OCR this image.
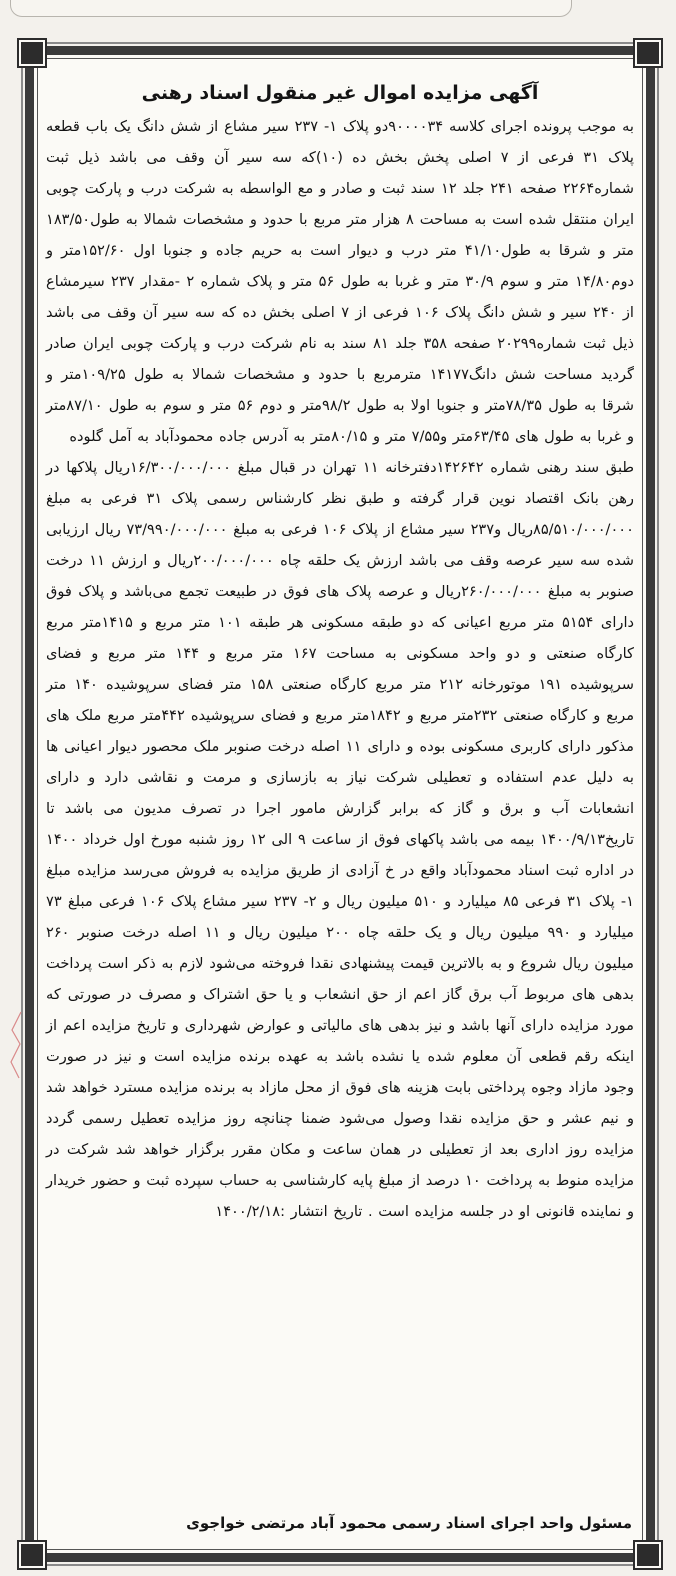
آگهی مزایده اموال غیر منقول اسناد رهنی
به موجب پرونده اجرای کلاسه ۹۰۰۰۰۳۴دو پلاک ۱- ۲۳۷ سیر مشاع از شش دانگ یک باب قطعه پلاک ۳۱ فرعی از ۷ اصلی پخش بخش ده (۱۰)که سه سیر آن وقف می باشد ذیل ثبت شماره۲۲۶۴ صفحه ۲۴۱ جلد ۱۲ سند ثبت و صادر و مع الواسطه به شرکت درب و پارکت چوبی ایران منتقل شده است به مساحت ۸ هزار متر مربع با حدود و مشخصات شمالا به طول۱۸۳/۵۰ متر و شرقا به طول۴۱/۱۰ متر درب و دیوار است به حریم جاده و جنوبا اول ۱۵۲/۶۰متر و دوم۱۴/۸۰ متر و سوم ۳۰/۹ متر و غربا به طول ۵۶ متر و پلاک شماره ۲ -مقدار ۲۳۷ سیرمشاع از ۲۴۰ سیر و شش دانگ پلاک ۱۰۶ فرعی از ۷ اصلی بخش ده که سه سیر آن وقف می باشد ذیل ثبت شماره۲۰۲۹۹ صفحه ۳۵۸ جلد ۸۱ سند به نام شرکت درب و پارکت چوبی ایران صادر گردید مساحت شش دانگ۱۴۱۷۷ مترمربع با حدود و مشخصات شمالا به طول ۱۰۹/۲۵متر و شرقا به طول ۷۸/۳۵متر و جنوبا اولا به طول ۹۸/۲متر و دوم ۵۶ متر و سوم به طول ۸۷/۱۰متر و غربا به طول های ۶۳/۴۵متر و۷/۵۵ متر و ۸۰/۱۵متر به آدرس جاده محمودآباد به آمل گلوده
طبق سند رهنی شماره ۱۴۲۶۴۲دفترخانه ۱۱ تهران در قبال مبلغ ۱۶/۳۰۰/۰۰۰/۰۰۰ریال پلاکها در رهن بانک اقتصاد نوین قرار گرفته و طبق نظر کارشناس رسمی پلاک ۳۱ فرعی به مبلغ ۸۵/۵۱۰/۰۰۰/۰۰۰ریال و۲۳۷ سیر مشاع از پلاک ۱۰۶ فرعی به مبلغ ۷۳/۹۹۰/۰۰۰/۰۰۰ ریال ارزیابی شده سه سیر عرصه وقف می باشد ارزش یک حلقه چاه ۲۰۰/۰۰۰/۰۰۰ریال و ارزش ۱۱ درخت صنوبر به مبلغ ۲۶۰/۰۰۰/۰۰۰ریال و عرصه پلاک های فوق در طبیعت تجمع می‌باشد و پلاک فوق دارای ۵۱۵۴ متر مربع اعیانی که دو طبقه مسکونی هر طبقه ۱۰۱ متر مربع و ۱۴۱۵متر مربع کارگاه صنعتی و دو واحد مسکونی به مساحت ۱۶۷ متر مربع و ۱۴۴ متر مربع و فضای سرپوشیده ۱۹۱ موتورخانه ۲۱۲ متر مربع کارگاه صنعتی ۱۵۸ متر فضای سرپوشیده ۱۴۰ متر مربع و کارگاه صنعتی ۲۳۲متر مربع و ۱۸۴۲متر مربع و فضای سرپوشیده ۴۴۲متر مربع ملک های مذکور دارای کاربری مسکونی بوده و دارای ۱۱ اصله درخت صنوبر ملک محصور دیوار اعیانی ها به دلیل عدم استفاده و تعطیلی شرکت نیاز به بازسازی و مرمت و نقاشی دارد و دارای انشعابات آب و برق و گاز که برابر گزارش مامور اجرا در تصرف مدیون می باشد تا تاریخ۱۴۰۰/۹/۱۳ بیمه می باشد پاکهای فوق از ساعت ۹ الی ۱۲ روز شنبه مورخ اول خرداد ۱۴۰۰ در اداره ثبت اسناد محمودآباد واقع در خ آزادی از طریق مزایده به فروش می‌رسد مزایده مبلغ ۱- پلاک ۳۱ فرعی ۸۵ میلیارد و ۵۱۰ میلیون ریال و ۲- ۲۳۷ سیر مشاع پلاک ۱۰۶ فرعی مبلغ ۷۳ میلیارد و ۹۹۰ میلیون ریال و یک حلقه چاه ۲۰۰ میلیون ریال و ۱۱ اصله درخت صنوبر ۲۶۰ میلیون ریال شروع و به بالاترین قیمت پیشنهادی نقدا فروخته می‌شود لازم به ذکر است پرداخت بدهی های مربوط آب برق گاز اعم از حق انشعاب و یا حق اشتراک و مصرف در صورتی که مورد مزایده دارای آنها باشد و نیز بدهی های مالیاتی و عوارض شهرداری و تاریخ مزایده اعم از اینکه رقم قطعی آن معلوم شده یا نشده باشد به عهده برنده مزایده است و نیز در صورت وجود مازاد وجوه پرداختی بابت هزینه های فوق از محل مازاد به برنده مزایده مسترد خواهد شد و نیم عشر و حق مزایده نقدا وصول می‌شود ضمنا چنانچه روز مزایده تعطیل رسمی گردد مزایده روز اداری بعد از تعطیلی در همان ساعت و مکان مقرر برگزار خواهد شد شرکت در مزایده منوط به پرداخت ۱۰ درصد از مبلغ پایه کارشناسی به حساب سپرده ثبت و حضور خریدار و نماینده قانونی او در جلسه مزایده است . تاریخ انتشار :۱۴۰۰/۲/۱۸
مسئول واحد اجرای اسناد رسمی محمود آباد مرتضی خواجوی
